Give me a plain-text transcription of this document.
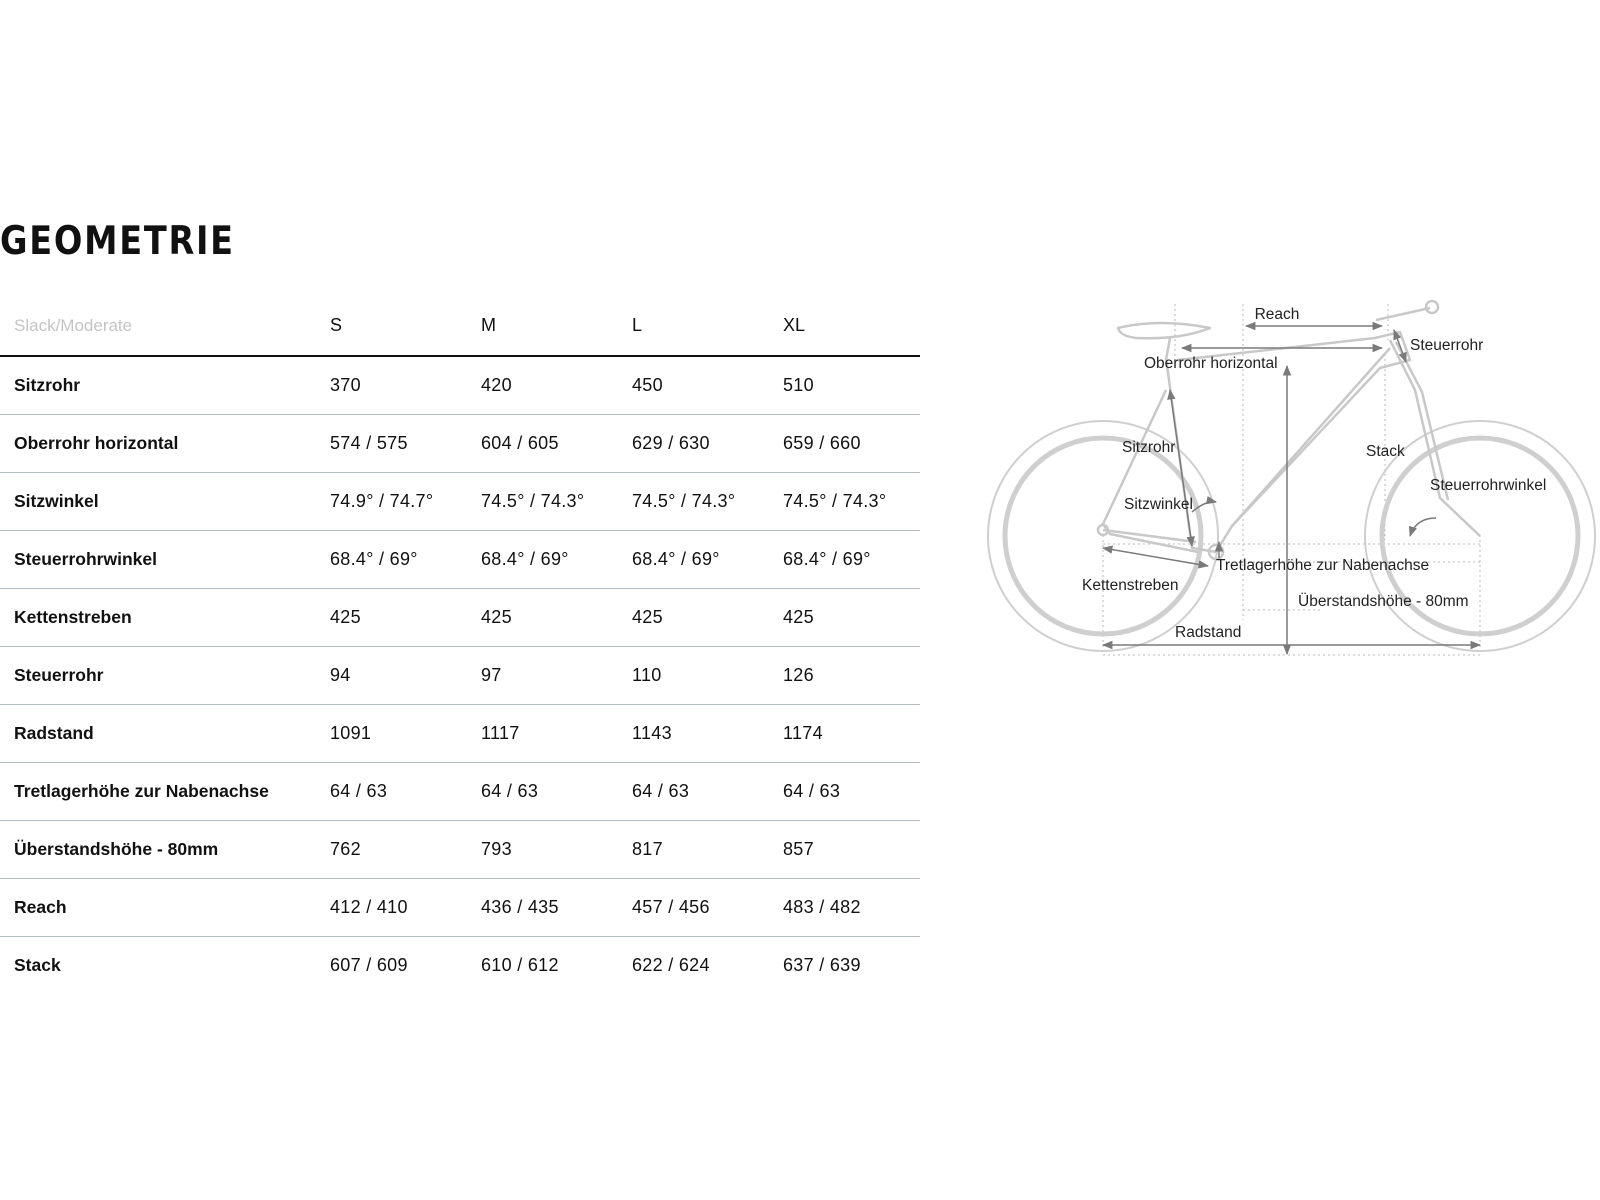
GEOMETRIE
Slack/Moderate	S	M	L	XL
Sitzrohr	370	420	450	510
Oberrohr horizontal	574 / 575	604 / 605	629 / 630	659 / 660
Sitzwinkel	74.9° / 74.7°	74.5° / 74.3°	74.5° / 74.3°	74.5° / 74.3°
Steuerrohrwinkel	68.4° / 69°	68.4° / 69°	68.4° / 69°	68.4° / 69°
Kettenstreben	425	425	425	425
Steuerrohr	94	97	110	126
Radstand	1091	1117	1143	1174
Tretlagerhöhe zur Nabenachse	64 / 63	64 / 63	64 / 63	64 / 63
Überstandshöhe - 80mm	762	793	817	857
Reach	412 / 410	436 / 435	457 / 456	483 / 482
Stack	607 / 609	610 / 612	622 / 624	637 / 639
Reach
Steuerrohr
Oberrohr horizontal
Sitzrohr	Stack
Steuerrohrwinkel
Sitzwinkel
Tretlagerhöhe zur Nabenachse
Kettenstreben
Überstandshöhe - 80mm
Radstand
